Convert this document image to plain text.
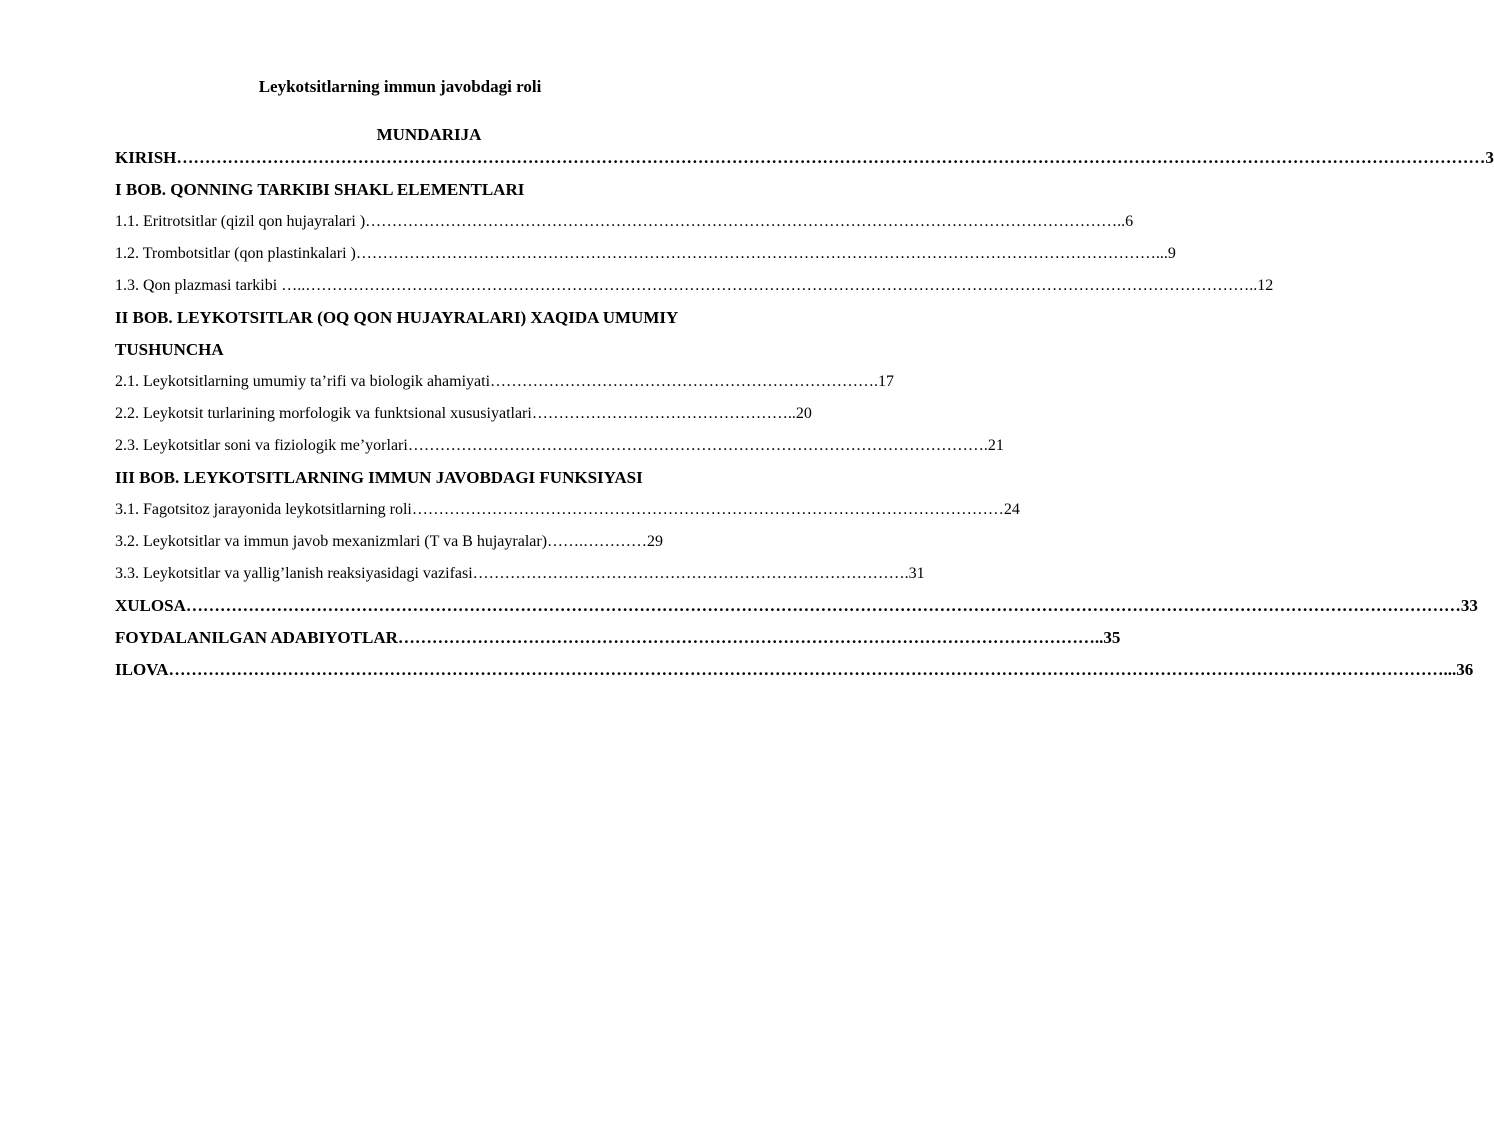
Leykotsitlarning immun javobdagi roli
MUNDARIJA
KIRISH……………………………………………………………………………………………………………………………………………………………………………………………………………3
I BOB. QONNING TARKIBI SHAKL ELEMENTLARI
1.1. Eritrotsitlar (qizil qon hujayralari )……………………………………………………………………………………………………………………………..6
1.2. Trombotsitlar (qon plastinkalari )……………………………………………………………………………………………………………………………………...9
1.3. Qon plazmasi tarkibi …..……………………………………………………………………………………………………………………………………………………………..12
II BOB. LEYKOTSITLAR (OQ QON HUJAYRALARI) XAQIDA UMUMIY
TUSHUNCHA
2.1. Leykotsitlarning umumiy ta’rifi va biologik ahamiyati……………………………………………………………….17
2.2. Leykotsit turlarining morfologik va funktsional xususiyatlari…………………………………………..20
2.3. Leykotsitlar soni va fiziologik me’yorlari……………………………………………………………………………………………….21
III BOB. LEYKOTSITLARNING IMMUN JAVOBDAGI FUNKSIYASI
3.1. Fagotsitoz jarayonida leykotsitlarning roli…………………………………………………………………………………………………24
3.2. Leykotsitlar va immun javob mexanizmlari (T va B hujayralar)…….…………29
3.3. Leykotsitlar va yallig’lanish reaksiyasidagi vazifasi……………………………………………………………………….31
XULOSA………………………………………………………………………………………………………………………………………………………………………………………………………33
FOYDALANILGAN ADABIYOTLAR……………………………………………………………………………………………………………..35
ILOVA………………………………………………………………………………………………………………………………………………………………………………………………………...36
